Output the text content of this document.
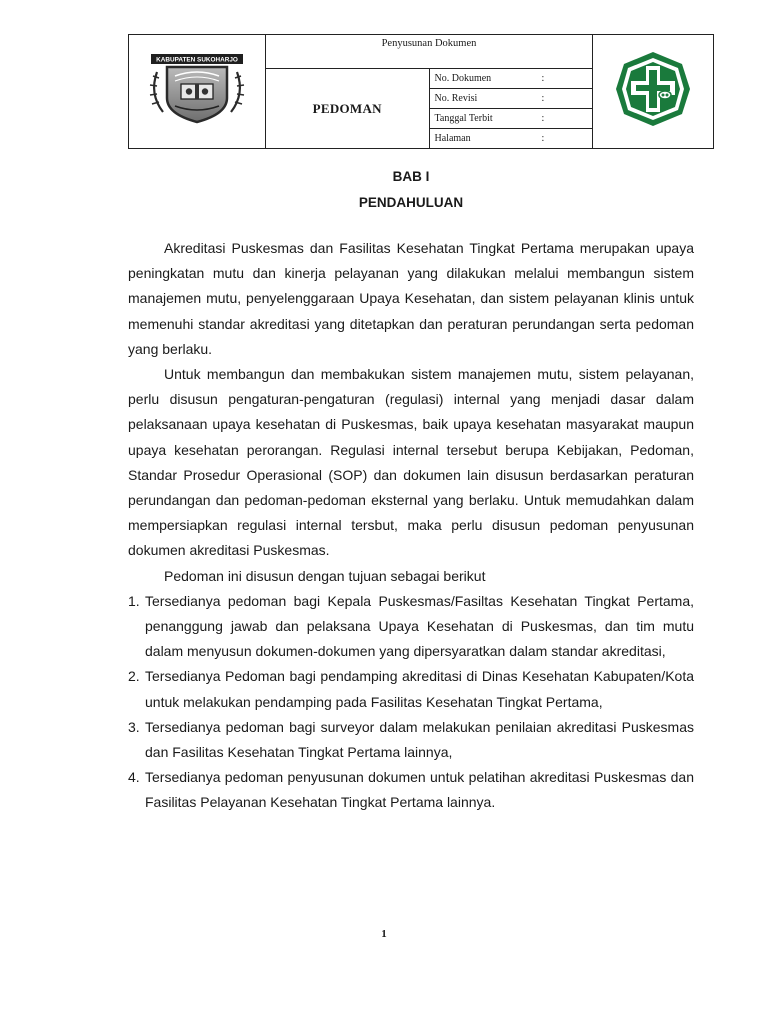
KABUPATEN SUKOHARJO	Penyusunan Dokumen	
	PEDOMAN	No. Dokumen :	
		No. Revisi :	
		Tanggal Terbit :	
		Halaman :	
BAB I
PENDAHULUAN

Akreditasi Puskesmas dan Fasilitas Kesehatan Tingkat Pertama merupakan upaya peningkatan mutu dan kinerja pelayanan yang dilakukan melalui membangun sistem manajemen mutu, penyelenggaraan Upaya Kesehatan, dan sistem pelayanan klinis untuk memenuhi standar akreditasi yang ditetapkan dan peraturan perundangan serta pedoman yang berlaku.

Untuk membangun dan membakukan sistem manajemen mutu, sistem pelayanan, perlu disusun pengaturan-pengaturan (regulasi) internal yang menjadi dasar dalam pelaksanaan upaya kesehatan di Puskesmas, baik upaya kesehatan masyarakat maupun upaya kesehatan perorangan. Regulasi internal tersebut berupa Kebijakan, Pedoman, Standar Prosedur Operasional (SOP) dan dokumen lain disusun berdasarkan peraturan perundangan dan pedoman-pedoman eksternal yang berlaku. Untuk memudahkan dalam mempersiapkan regulasi internal tersbut, maka perlu disusun pedoman penyusunan dokumen akreditasi Puskesmas.

Pedoman ini disusun dengan tujuan sebagai berikut

1. Tersedianya pedoman bagi Kepala Puskesmas/Fasiltas Kesehatan Tingkat Pertama, penanggung jawab dan pelaksana Upaya Kesehatan di Puskesmas, dan tim mutu dalam menyusun dokumen-dokumen yang dipersyaratkan dalam standar akreditasi,
2. Tersedianya Pedoman bagi pendamping akreditasi di Dinas Kesehatan Kabupaten/Kota untuk melakukan pendamping pada Fasilitas Kesehatan Tingkat Pertama,
3. Tersedianya pedoman bagi surveyor dalam melakukan penilaian akreditasi Puskesmas dan Fasilitas Kesehatan Tingkat Pertama lainnya,
4. Tersedianya pedoman penyusunan dokumen untuk pelatihan akreditasi Puskesmas dan Fasilitas Pelayanan Kesehatan Tingkat Pertama lainnya.
1
